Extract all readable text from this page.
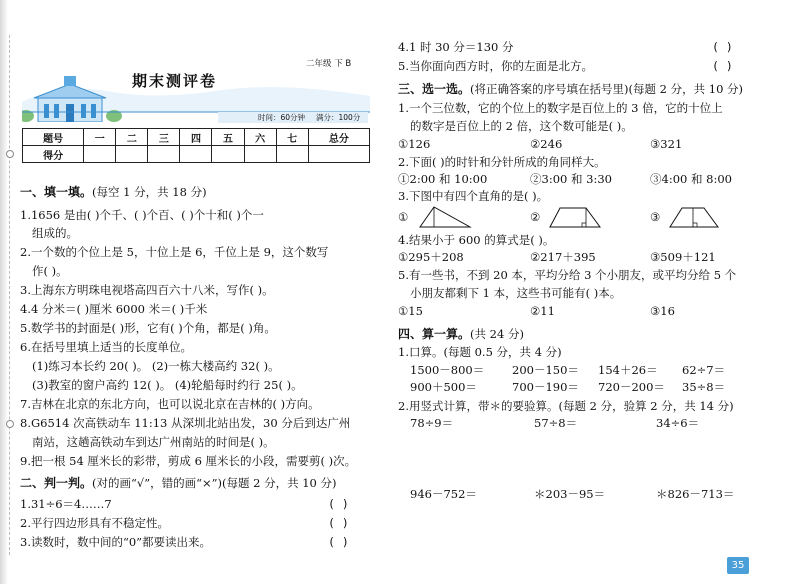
期末测评卷
二年级 下 B
时间：60分钟 满分：100分
题号	一	二	三	四	五	六	七	总分
得分								
一、填一填。(每空 1 分，共 18 分)
1.1656 是由( )个千、( )个百、( )个十和( )个一
组成的。
2.一个数的个位上是 5，十位上是 6，千位上是 9，这个数写
作( )。
3.上海东方明珠电视塔高四百六十八米，写作( )。
4.4 分米＝( )厘米 6000 米＝( )千米
5.数学书的封面是( )形，它有( )个角，都是( )角。
6.在括号里填上适当的长度单位。
(1)练习本长约 20( )。 (2)一栋大楼高约 32( )。
(3)教室的窗户高约 12( )。 (4)轮船每时约行 25( )。
7.吉林在北京的东北方向，也可以说北京在吉林的( )方向。
8.G6514 次高铁动车 11:13 从深圳北站出发，30 分后到达广州
南站，这趟高铁动车到达广州南站的时间是( )。
9.把一根 54 厘米长的彩带，剪成 6 厘米长的小段，需要剪( )次。
二、判一判。(对的画“√”，错的画“×”)(每题 2 分，共 10 分)
1.31÷6＝4……7	( )
2.平行四边形具有不稳定性。	( )
3.读数时，数中间的“0”都要读出来。	( )
4.1 时 30 分＝130 分	( )
5.当你面向西方时，你的左面是北方。	( )
三、选一选。(将正确答案的序号填在括号里)(每题 2 分，共 10 分)
1.一个三位数，它的个位上的数字是百位上的 3 倍，它的十位上
的数字是百位上的 2 倍，这个数可能是( )。
①126	②246	③321
2.下面( )的时针和分针所成的角同样大。
①2:00 和 10:00	②3:00 和 3:30	③4:00 和 8:00
3.下图中有四个直角的是( )。
①	②	③
4.结果小于 600 的算式是( )。
①295＋208	②217＋395	③509＋121
5.有一些书，不到 20 本，平均分给 3 个小朋友，或平均分给 5 个
小朋友都剩下 1 本，这些书可能有( )本。
①15	②11	③16
四、算一算。(共 24 分)
1.口算。(每题 0.5 分，共 4 分)
1500－800＝ 200－150＝ 154＋26＝ 62÷7＝
900＋500＝	700－190＝ 720－200＝ 35÷8＝
2.用竖式计算，带＊的要验算。(每题 2 分，验算 2 分，共 14 分)
78÷9＝	57÷8＝	34÷6＝
946－752＝	＊203－95＝	＊826－713＝
35
